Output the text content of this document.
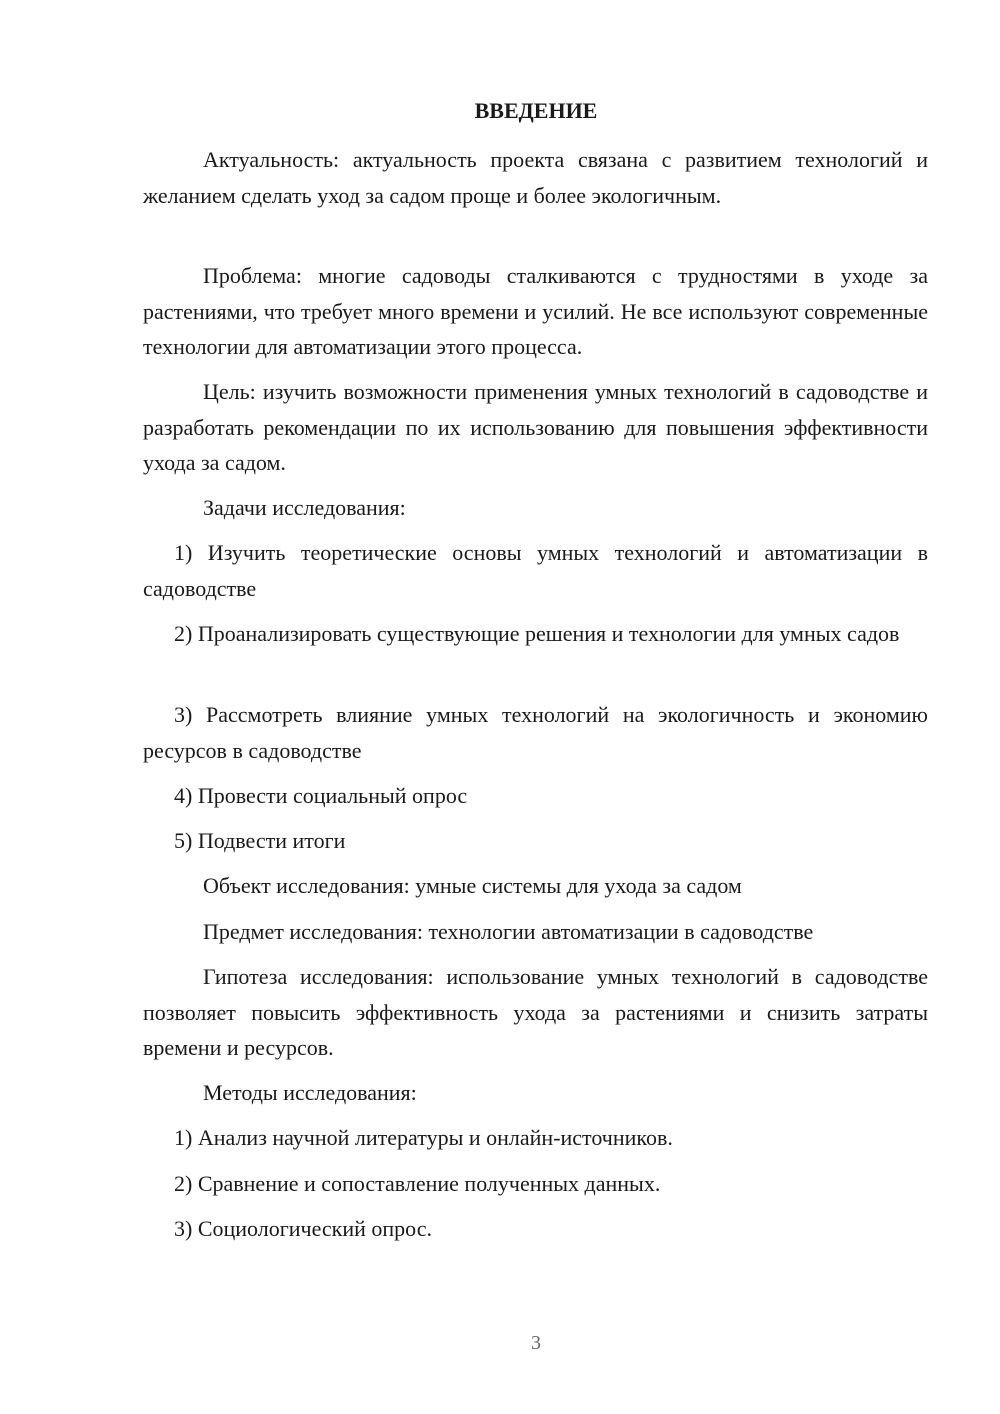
ВВЕДЕНИЕ

Актуальность: актуальность проекта связана с развитием технологий и желанием сделать уход за садом проще и более экологичным.

Проблема: многие садоводы сталкиваются с трудностями в уходе за растениями, что требует много времени и усилий. Не все используют современные технологии для автоматизации этого процесса.

Цель: изучить возможности применения умных технологий в садоводстве и разработать рекомендации по их использованию для повышения эффективности ухода за садом.

Задачи исследования:

1) Изучить теоретические основы умных технологий и автоматизации в садоводстве

2) Проанализировать существующие решения и технологии для умных садов

3) Рассмотреть влияние умных технологий на экологичность и экономию ресурсов в садоводстве

4) Провести социальный опрос

5) Подвести итоги

Объект исследования: умные системы для ухода за садом

Предмет исследования: технологии автоматизации в садоводстве

Гипотеза исследования: использование умных технологий в садоводстве позволяет повысить эффективность ухода за растениями и снизить затраты времени и ресурсов.

Методы исследования:

1) Анализ научной литературы и онлайн-источников.

2) Сравнение и сопоставление полученных данных.

3) Социологический опрос.

3
